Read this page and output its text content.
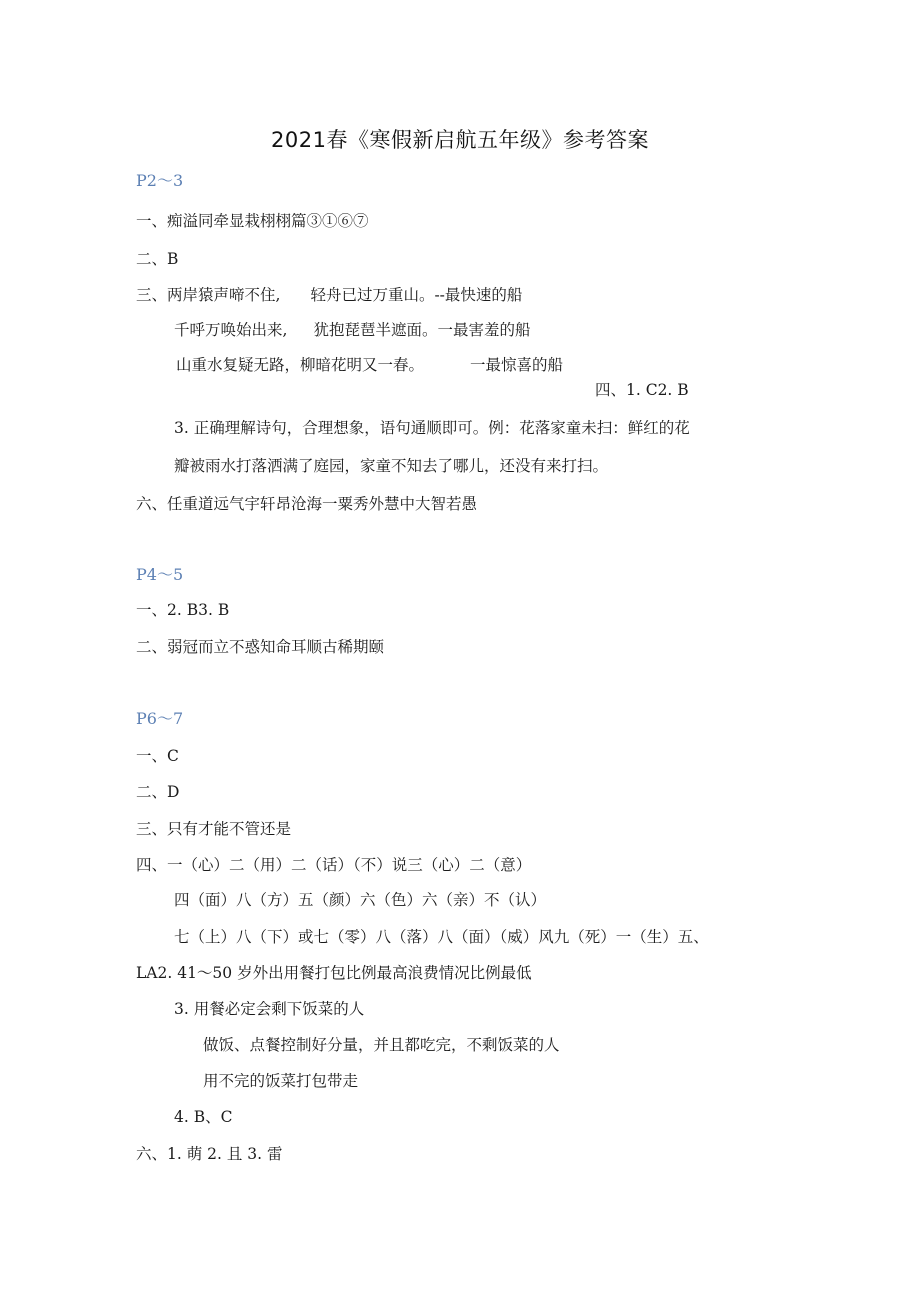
2021春《寒假新启航五年级》参考答案
P2～3
一、痴溢同牵显栽栩栩篇③①⑥⑦
二、B
三、两岸猿声啼不住, 轻舟已过万重山。--最快速的船
千呼万唤始出来, 犹抱琵琶半遮面。一最害羞的船
山重水复疑无路，柳暗花明又一春。	一最惊喜的船
四、1. C2. B
3. 正确理解诗句，合理想象，语句通顺即可。例：花落家童未扫：鲜红的花
瓣被雨水打落洒满了庭园，家童不知去了哪儿，还没有来打扫。
六、任重道远气宇轩昂沧海一粟秀外慧中大智若愚
P4～5
一、2. B3. B
二、弱冠而立不惑知命耳顺古稀期颐
P6～7
一、C
二、D
三、只有才能不管还是
四、一（心）二（用）二（话）（不）说三（心）二（意）
四（面）八（方）五（颜）六（色）六（亲）不（认）
七（上）八（下）或七（零）八（落）八（面）（威）风九（死）一（生）五、
LA2. 41～50 岁外出用餐打包比例最高浪费情况比例最低
3. 用餐必定会剩下饭菜的人
做饭、点餐控制好分量，并且都吃完，不剩饭菜的人
用不完的饭菜打包带走
4. B、C
六、1. 萌 2. 且 3. 雷
